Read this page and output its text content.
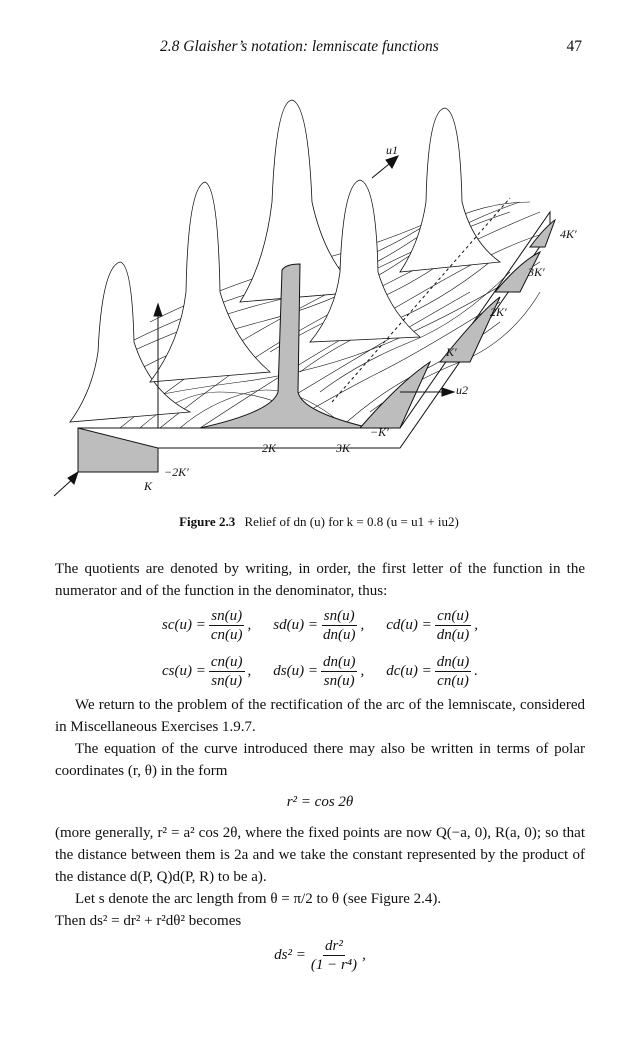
2.8 Glaisher’s notation: lemniscate functions	47
u1
u2
−K′
K′
2K′
3K′
4K′
−2K′
K
2K	3K
Figure 2.3 Relief of dn (u) for k = 0.8 (u = u1 + iu2)

The quotients are denoted by writing, in order, the first letter of the function in the numerator and of the function in the denominator, thus:

$sc(u) = \frac{sn(u)}{cn(u)}$ , $sd(u) = \frac{sn(u)}{dn(u)}$ , $cd(u) = \frac{cn(u)}{dn(u)}$ ,
$cs(u) = \frac{cn(u)}{sn(u)}$ , $ds(u) = \frac{dn(u)}{sn(u)}$ , $dc(u) = \frac{dn(u)}{cn(u)}$ .

We return to the problem of the rectification of the arc of the lemniscate, considered in Miscellaneous Exercises 1.9.7.

The equation of the curve introduced there may also be written in terms of polar coordinates (r, θ) in the form

r² = cos 2θ

(more generally, r² = a² cos 2θ, where the fixed points are now Q(−a, 0), R(a, 0); so that the distance between them is 2a and we take the constant represented by the product of the distance d(P, Q)d(P, R) to be a).

Let s denote the arc length from θ = π/2 to θ (see Figure 2.4).

Then ds² = dr² + r²dθ² becomes

$ds^2 = \frac{\text{dr²}}{\text{(1 − r⁴)}}$ ,
